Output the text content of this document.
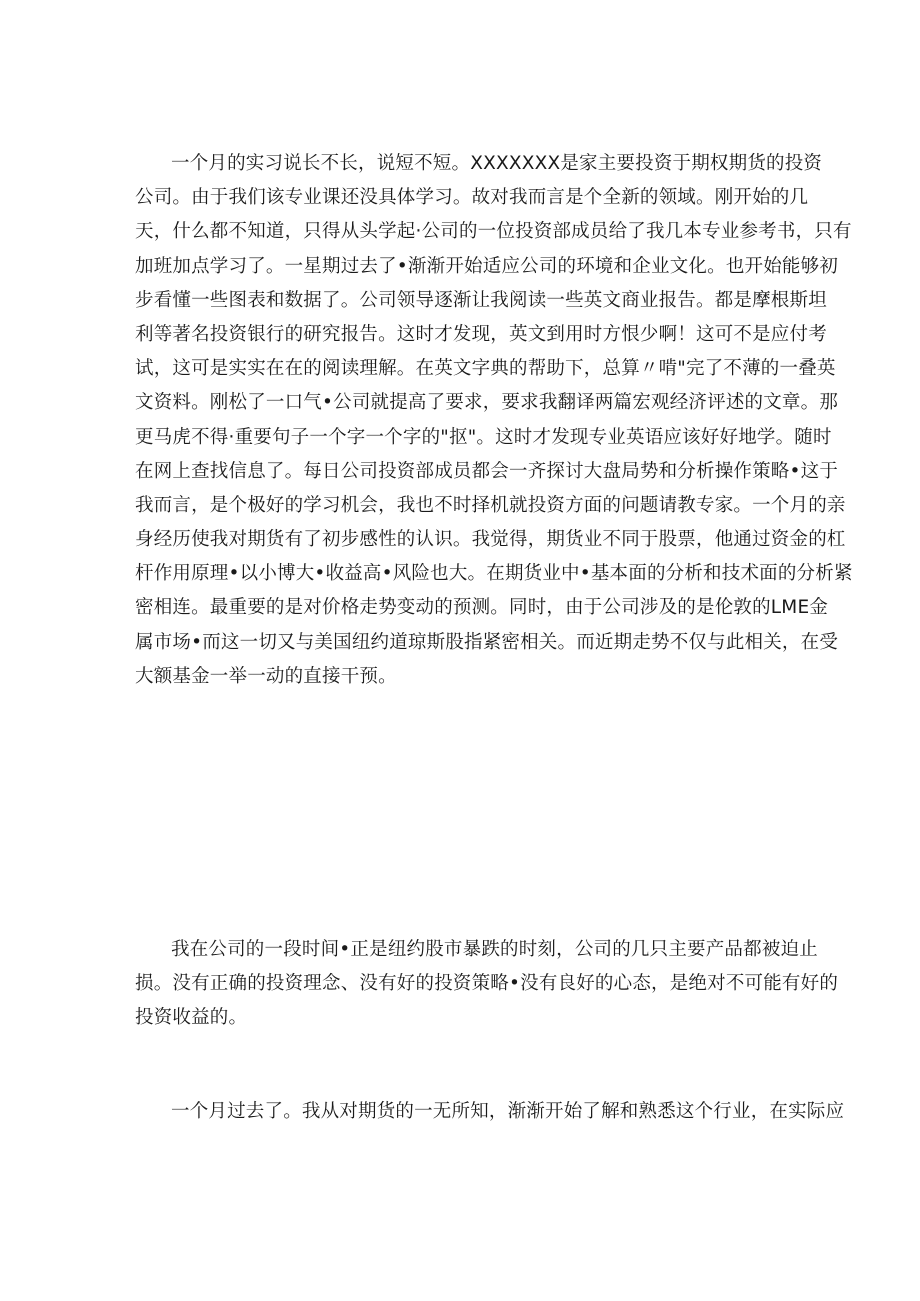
一个月的实习说长不长，说短不短。XXXXXXX是家主要投资于期权期货的投资
公司。由于我们该专业课还没具体学习。故对我而言是个全新的领域。刚开始的几
天，什么都不知道，只得从头学起·公司的一位投资部成员给了我几本专业参考书，只有
加班加点学习了。一星期过去了•渐渐开始适应公司的环境和企业文化。也开始能够初
步看懂一些图表和数据了。公司领导逐渐让我阅读一些英文商业报告。都是摩根斯坦
利等著名投资银行的研究报告。这时才发现，英文到用时方恨少啊！这可不是应付考
试，这可是实实在在的阅读理解。在英文字典的帮助下，总算〃啃"完了不薄的一叠英
文资料。刚松了一口气•公司就提高了要求，要求我翻译两篇宏观经济评述的文章。那
更马虎不得·重要句子一个字一个字的"抠"。这时才发现专业英语应该好好地学。随时
在网上查找信息了。每日公司投资部成员都会一齐探讨大盘局势和分析操作策略•这于
我而言，是个极好的学习机会，我也不时择机就投资方面的问题请教专家。一个月的亲
身经历使我对期货有了初步感性的认识。我觉得，期货业不同于股票，他通过资金的杠
杆作用原理•以小博大•收益高•风险也大。在期货业中•基本面的分析和技术面的分析紧
密相连。最重要的是对价格走势变动的预测。同时，由于公司涉及的是伦敦的LME金
属市场•而这一切又与美国纽约道琼斯股指紧密相关。而近期走势不仅与此相关，在受
大额基金一举一动的直接干预。
我在公司的一段时间•正是纽约股市暴跌的时刻，公司的几只主要产品都被迫止
损。没有正确的投资理念、没有好的投资策略•没有良好的心态，是绝对不可能有好的
投资收益的。
一个月过去了。我从对期货的一无所知，渐渐开始了解和熟悉这个行业，在实际应
